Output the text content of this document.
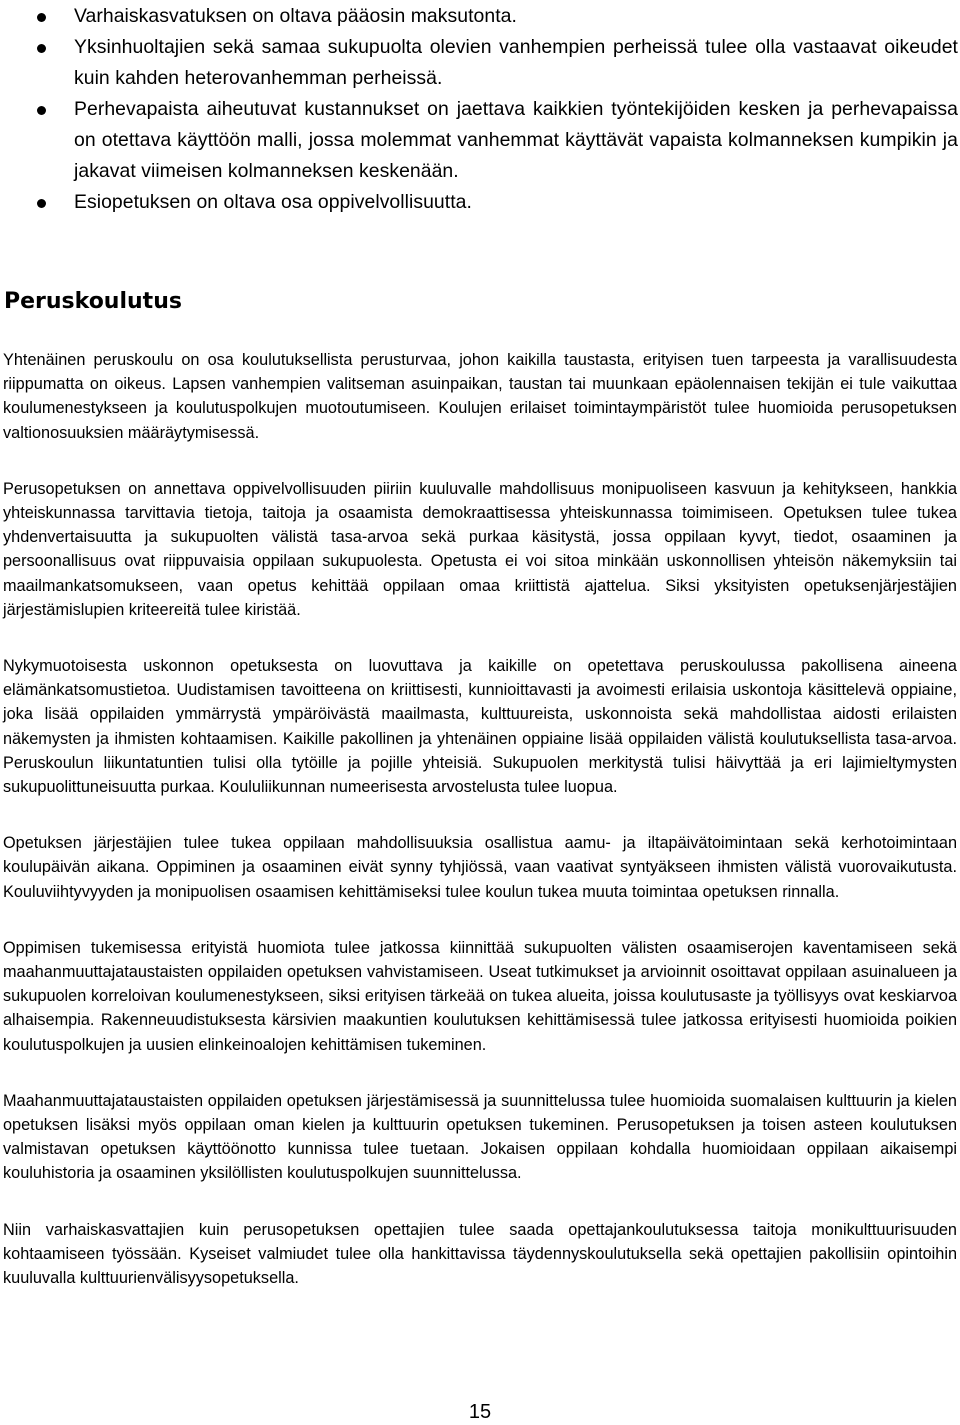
Varhaiskasvatuksen on oltava pääosin maksutonta.
Yksinhuoltajien sekä samaa sukupuolta olevien vanhempien perheissä tulee olla vastaavat oikeudet kuin kahden heterovanhemman perheissä.
Perhevapaista aiheutuvat kustannukset on jaettava kaikkien työntekijöiden kesken ja perhevapaissa on otettava käyttöön malli, jossa molemmat vanhemmat käyttävät vapaista kolmanneksen kumpikin ja jakavat viimeisen kolmanneksen keskenään.
Esiopetuksen on oltava osa oppivelvollisuutta.
Peruskoulutus

Yhtenäinen peruskoulu on osa koulutuksellista perusturvaa, johon kaikilla taustasta, erityisen tuen tarpeesta ja varallisuudesta riippumatta on oikeus. Lapsen vanhempien valitseman asuinpaikan, taustan tai muunkaan epäolennaisen tekijän ei tule vaikuttaa koulumenestykseen ja koulutuspolkujen muotoutumiseen. Koulujen erilaiset toimintaympäristöt tulee huomioida perusopetuksen valtionosuuksien määräytymisessä.

Perusopetuksen on annettava oppivelvollisuuden piiriin kuuluvalle mahdollisuus monipuoliseen kasvuun ja kehitykseen, hankkia yhteiskunnassa tarvittavia tietoja, taitoja ja osaamista demokraattisessa yhteiskunnassa toimimiseen. Opetuksen tulee tukea yhdenvertaisuutta ja sukupuolten välistä tasa-arvoa sekä purkaa käsitystä, jossa oppilaan kyvyt, tiedot, osaaminen ja persoonallisuus ovat riippuvaisia oppilaan sukupuolesta. Opetusta ei voi sitoa minkään uskonnollisen yhteisön näkemyksiin tai maailmankatsomukseen, vaan opetus kehittää oppilaan omaa kriittistä ajattelua. Siksi yksityisten opetuksenjärjestäjien järjestämislupien kriteereitä tulee kiristää.

Nykymuotoisesta uskonnon opetuksesta on luovuttava ja kaikille on opetettava peruskoulussa pakollisena aineena elämänkatsomustietoa. Uudistamisen tavoitteena on kriittisesti, kunnioittavasti ja avoimesti erilaisia uskontoja käsittelevä oppiaine, joka lisää oppilaiden ymmärrystä ympäröivästä maailmasta, kulttuureista, uskonnoista sekä mahdollistaa aidosti erilaisten näkemysten ja ihmisten kohtaamisen. Kaikille pakollinen ja yhtenäinen oppiaine lisää oppilaiden välistä koulutuksellista tasa-arvoa. Peruskoulun liikuntatuntien tulisi olla tytöille ja pojille yhteisiä. Sukupuolen merkitystä tulisi häivyttää ja eri lajimieltymysten sukupuolittuneisuutta purkaa. Koululiikunnan numeerisesta arvostelusta tulee luopua.

Opetuksen järjestäjien tulee tukea oppilaan mahdollisuuksia osallistua aamu- ja iltapäivätoimintaan sekä kerhotoimintaan koulupäivän aikana. Oppiminen ja osaaminen eivät synny tyhjiössä, vaan vaativat syntyäkseen ihmisten välistä vuorovaikutusta. Kouluviihtyvyyden ja monipuolisen osaamisen kehittämiseksi tulee koulun tukea muuta toimintaa opetuksen rinnalla.

Oppimisen tukemisessa erityistä huomiota tulee jatkossa kiinnittää sukupuolten välisten osaamiserojen kaventamiseen sekä maahanmuuttajataustaisten oppilaiden opetuksen vahvistamiseen. Useat tutkimukset ja arvioinnit osoittavat oppilaan asuinalueen ja sukupuolen korreloivan koulumenestykseen, siksi erityisen tärkeää on tukea alueita, joissa koulutusaste ja työllisyys ovat keskiarvoa alhaisempia. Rakenneuudistuksesta kärsivien maakuntien koulutuksen kehittämisessä tulee jatkossa erityisesti huomioida poikien koulutuspolkujen ja uusien elinkeinoalojen kehittämisen tukeminen.

Maahanmuuttajataustaisten oppilaiden opetuksen järjestämisessä ja suunnittelussa tulee huomioida suomalaisen kulttuurin ja kielen opetuksen lisäksi myös oppilaan oman kielen ja kulttuurin opetuksen tukeminen. Perusopetuksen ja toisen asteen koulutuksen valmistavan opetuksen käyttöönotto kunnissa tulee tuetaan. Jokaisen oppilaan kohdalla huomioidaan oppilaan aikaisempi kouluhistoria ja osaaminen yksilöllisten koulutuspolkujen suunnittelussa.

Niin varhaiskasvattajien kuin perusopetuksen opettajien tulee saada opettajankoulutuksessa taitoja monikulttuurisuuden kohtaamiseen työssään. Kyseiset valmiudet tulee olla hankittavissa täydennyskoulutuksella sekä opettajien pakollisiin opintoihin kuuluvalla kulttuurienvälisyysopetuksella.

15
